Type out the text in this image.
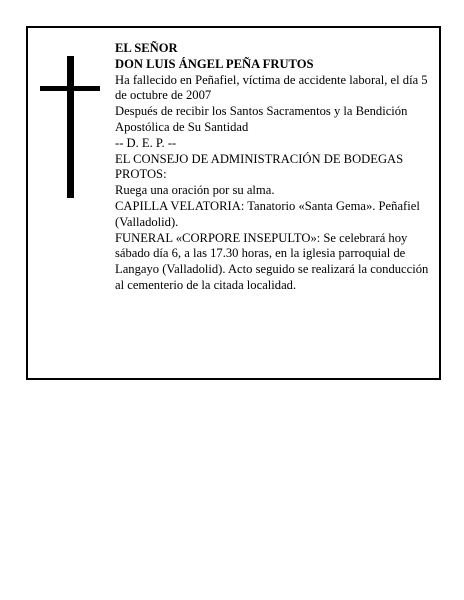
EL SEÑOR

DON LUIS ÁNGEL PEÑA FRUTOS

Ha fallecido en Peñafiel, víctima de accidente laboral, el día 5 de octubre de 2007

Después de recibir los Santos Sacramentos y la Bendición Apostólica de Su Santidad

-- D. E. P. --

EL CONSEJO DE ADMINISTRACIÓN DE BODEGAS PROTOS:

Ruega una oración por su alma.

CAPILLA VELATORIA: Tanatorio «Santa Gema». Peñafiel (Valladolid).

FUNERAL «CORPORE INSEPULTO»: Se celebrará hoy sábado día 6, a las 17.30 horas, en la iglesia parroquial de Langayo (Valladolid). Acto seguido se realizará la conducción al cementerio de la citada localidad.
